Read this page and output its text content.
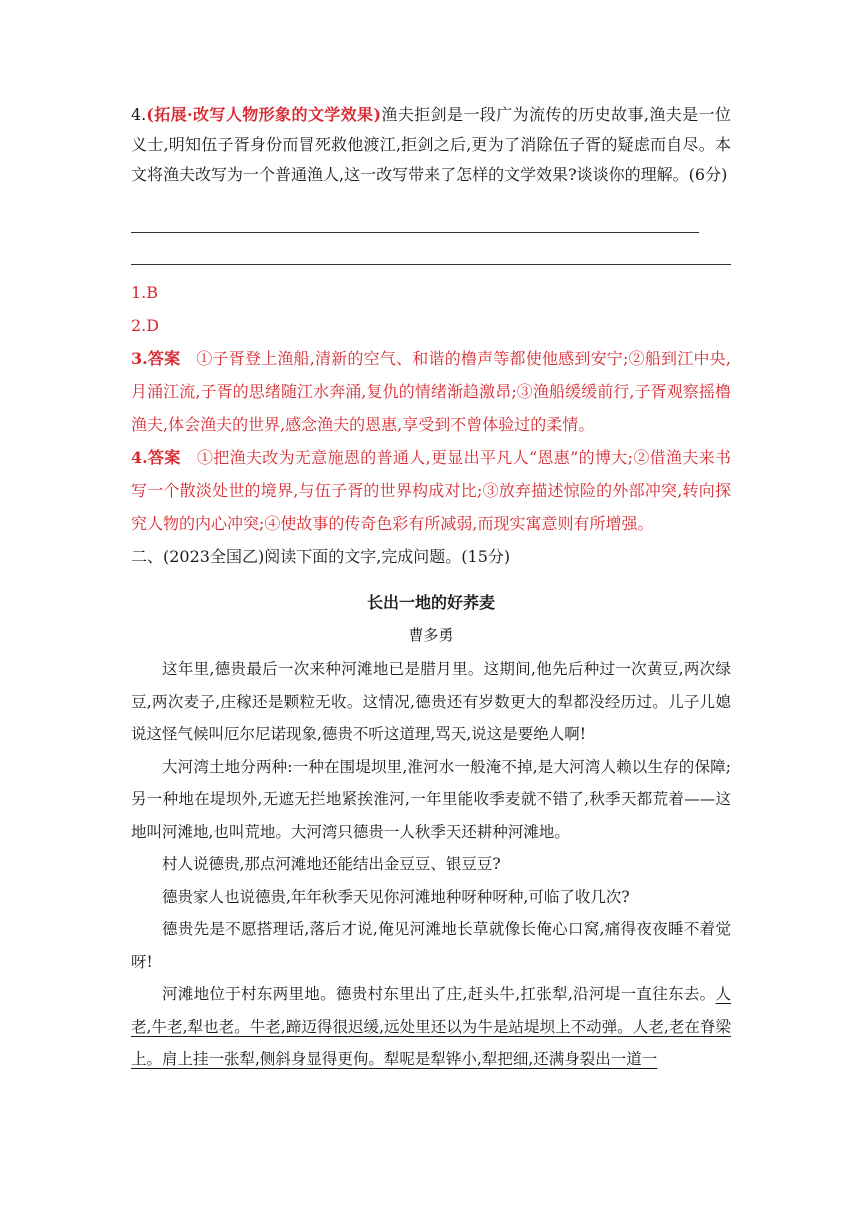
4.(拓展·改写人物形象的文学效果)渔夫拒剑是一段广为流传的历史故事,渔夫是一位义士,明知伍子胥身份而冒死救他渡江,拒剑之后,更为了消除伍子胥的疑虑而自尽。本文将渔夫改写为一个普通渔人,这一改写带来了怎样的文学效果?谈谈你的理解。(6分)

1.B

2.D

3.答案 ①子胥登上渔船,清新的空气、和谐的橹声等都使他感到安宁;②船到江中央,月涌江流,子胥的思绪随江水奔涌,复仇的情绪渐趋激昂;③渔船缓缓前行,子胥观察摇橹渔夫,体会渔夫的世界,感念渔夫的恩惠,享受到不曾体验过的柔情。

4.答案 ①把渔夫改为无意施恩的普通人,更显出平凡人“恩惠”的博大;②借渔夫来书写一个散淡处世的境界,与伍子胥的世界构成对比;③放弃描述惊险的外部冲突,转向探究人物的内心冲突;④使故事的传奇色彩有所减弱,而现实寓意则有所增强。

二、(2023全国乙)阅读下面的文字,完成问题。(15分)

长出一地的好荞麦
曹多勇

这年里,德贵最后一次来种河滩地已是腊月里。这期间,他先后种过一次黄豆,两次绿豆,两次麦子,庄稼还是颗粒无收。这情况,德贵还有岁数更大的犁都没经历过。儿子儿媳说这怪气候叫厄尔尼诺现象,德贵不听这道理,骂天,说这是要绝人啊!

大河湾土地分两种:一种在围堤坝里,淮河水一般淹不掉,是大河湾人赖以生存的保障;另一种地在堤坝外,无遮无拦地紧挨淮河,一年里能收季麦就不错了,秋季天都荒着——这地叫河滩地,也叫荒地。大河湾只德贵一人秋季天还耕种河滩地。

村人说德贵,那点河滩地还能结出金豆豆、银豆豆?

德贵家人也说德贵,年年秋季天见你河滩地种呀种呀种,可临了收几次?

德贵先是不愿搭理话,落后才说,俺见河滩地长草就像长俺心口窝,痛得夜夜睡不着觉呀!

河滩地位于村东两里地。德贵村东里出了庄,赶头牛,扛张犁,沿河堤一直往东去。人老,牛老,犁也老。牛老,蹄迈得很迟缓,远处里还以为牛是站堤坝上不动弹。人老,老在脊梁上。肩上挂一张犁,侧斜身显得更佝。犁呢是犁铧小,犁把细,还满身裂出一道一
